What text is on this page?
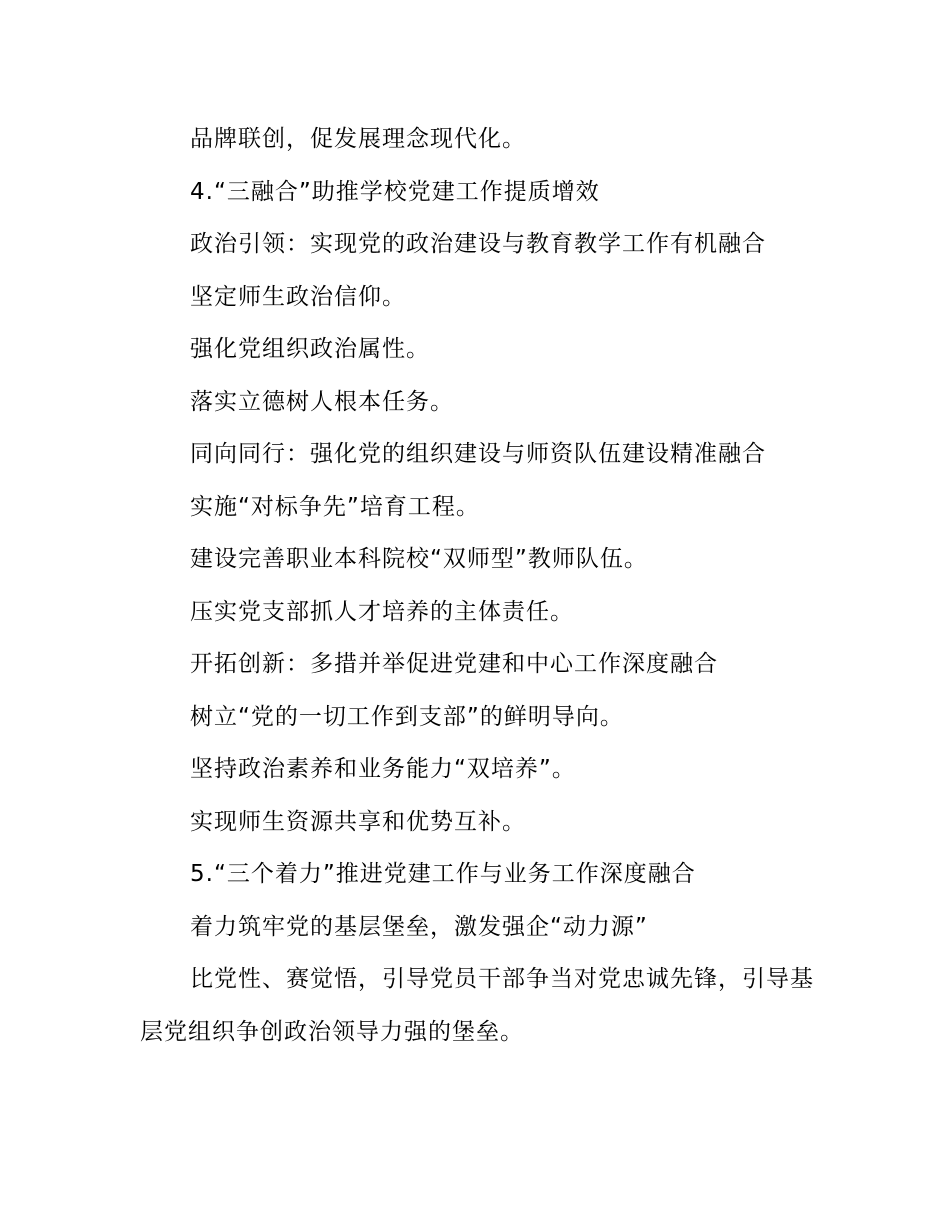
品牌联创，促发展理念现代化。

4.“三融合”助推学校党建工作提质增效

政治引领：实现党的政治建设与教育教学工作有机融合

坚定师生政治信仰。

强化党组织政治属性。

落实立德树人根本任务。

同向同行：强化党的组织建设与师资队伍建设精准融合

实施“对标争先”培育工程。

建设完善职业本科院校“双师型”教师队伍。

压实党支部抓人才培养的主体责任。

开拓创新：多措并举促进党建和中心工作深度融合

树立“党的一切工作到支部”的鲜明导向。

坚持政治素养和业务能力“双培养”。

实现师生资源共享和优势互补。

5.“三个着力”推进党建工作与业务工作深度融合

着力筑牢党的基层堡垒，激发强企“动力源”

比党性、赛觉悟，引导党员干部争当对党忠诚先锋，引导基层党组织争创政治领导力强的堡垒。
